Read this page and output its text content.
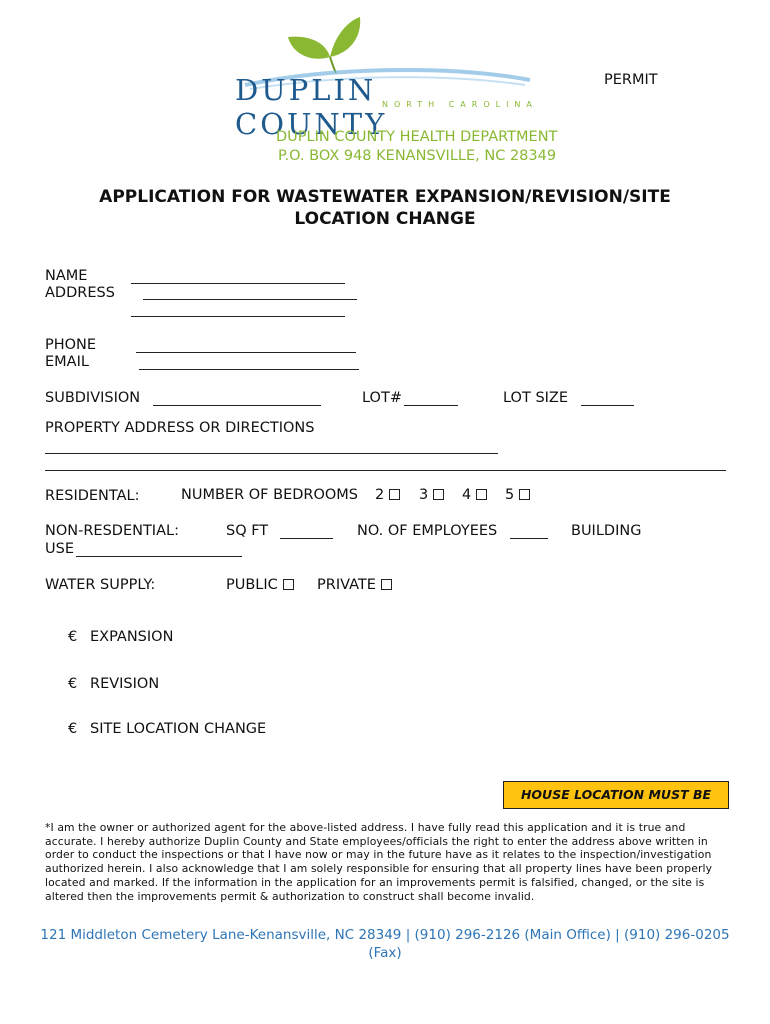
DUPLIN COUNTY
NORTH CAROLINA
PERMIT
DUPLIN COUNTY HEALTH DEPARTMENT
P.O. BOX 948 KENANSVILLE, NC 28349
APPLICATION FOR WASTEWATER EXPANSION/REVISION/SITE
LOCATION CHANGE
NAME
ADDRESS
PHONE
EMAIL
SUBDIVISION	LOT#	LOT SIZE
PROPERTY ADDRESS OR DIRECTIONS
RESIDENTAL:	NUMBER OF BEDROOMS 2	3	4	5
NON-RESDENTIAL:	SQ FT	NO. OF EMPLOYEES	BUILDING
USE
WATER SUPPLY:	PUBLIC	PRIVATE
€ EXPANSION
€ REVISION
€ SITE LOCATION CHANGE
HOUSE LOCATION MUST BE
*I am the owner or authorized agent for the above-listed address. I have fully read this application and it is true and accurate. I hereby authorize Duplin County and State employees/officials the right to enter the address above written in order to conduct the inspections or that I have now or may in the future have as it relates to the inspection/investigation authorized herein. I also acknowledge that I am solely responsible for ensuring that all property lines have been properly located and marked. If the information in the application for an improvements permit is falsified, changed, or the site is altered then the improvements permit & authorization to construct shall become invalid.
121 Middleton Cemetery Lane-Kenansville, NC 28349 | (910) 296-2126 (Main Office) | (910) 296-0205 (Fax)
